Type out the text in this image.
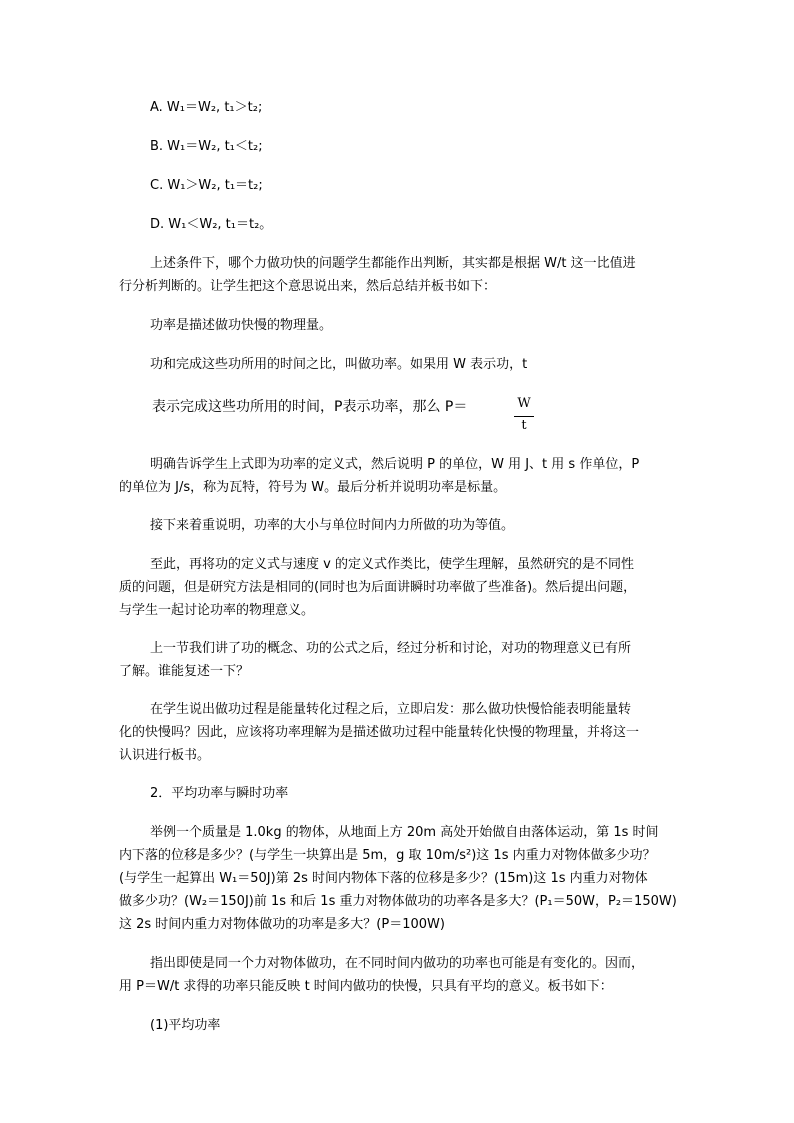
A. W₁＝W₂, t₁＞t₂;
B. W₁＝W₂, t₁＜t₂;
C. W₁＞W₂, t₁＝t₂;
D. W₁＜W₂, t₁＝t₂。
上述条件下，哪个力做功快的问题学生都能作出判断，其实都是根据 W/t 这一比值进
行分析判断的。让学生把这个意思说出来，然后总结并板书如下：
功率是描述做功快慢的物理量。
功和完成这些功所用的时间之比，叫做功率。如果用 W 表示功，t
表示完成这些功所用的时间，P表示功率，那么 P＝	W
t
明确告诉学生上式即为功率的定义式，然后说明 P 的单位，W 用 J、t 用 s 作单位，P
的单位为 J/s，称为瓦特，符号为 W。最后分析并说明功率是标量。
接下来着重说明，功率的大小与单位时间内力所做的功为等值。
至此，再将功的定义式与速度 v 的定义式作类比，使学生理解，虽然研究的是不同性
质的问题，但是研究方法是相同的(同时也为后面讲瞬时功率做了些准备)。然后提出问题，
与学生一起讨论功率的物理意义。
上一节我们讲了功的概念、功的公式之后，经过分析和讨论，对功的物理意义已有所
了解。谁能复述一下？
在学生说出做功过程是能量转化过程之后，立即启发：那么做功快慢恰能表明能量转
化的快慢吗？因此，应该将功率理解为是描述做功过程中能量转化快慢的物理量，并将这一
认识进行板书。
2．平均功率与瞬时功率
举例一个质量是 1.0kg 的物体，从地面上方 20m 高处开始做自由落体运动，第 1s 时间
内下落的位移是多少？(与学生一块算出是 5m，g 取 10m/s²)这 1s 内重力对物体做多少功？
(与学生一起算出 W₁＝50J)第 2s 时间内物体下落的位移是多少？(15m)这 1s 内重力对物体
做多少功？(W₂＝150J)前 1s 和后 1s 重力对物体做功的功率各是多大？(P₁＝50W，P₂＝150W)
这 2s 时间内重力对物体做功的功率是多大？(P＝100W)
指出即使是同一个力对物体做功，在不同时间内做功的功率也可能是有变化的。因而，
用 P＝W/t 求得的功率只能反映 t 时间内做功的快慢，只具有平均的意义。板书如下：
(1)平均功率
